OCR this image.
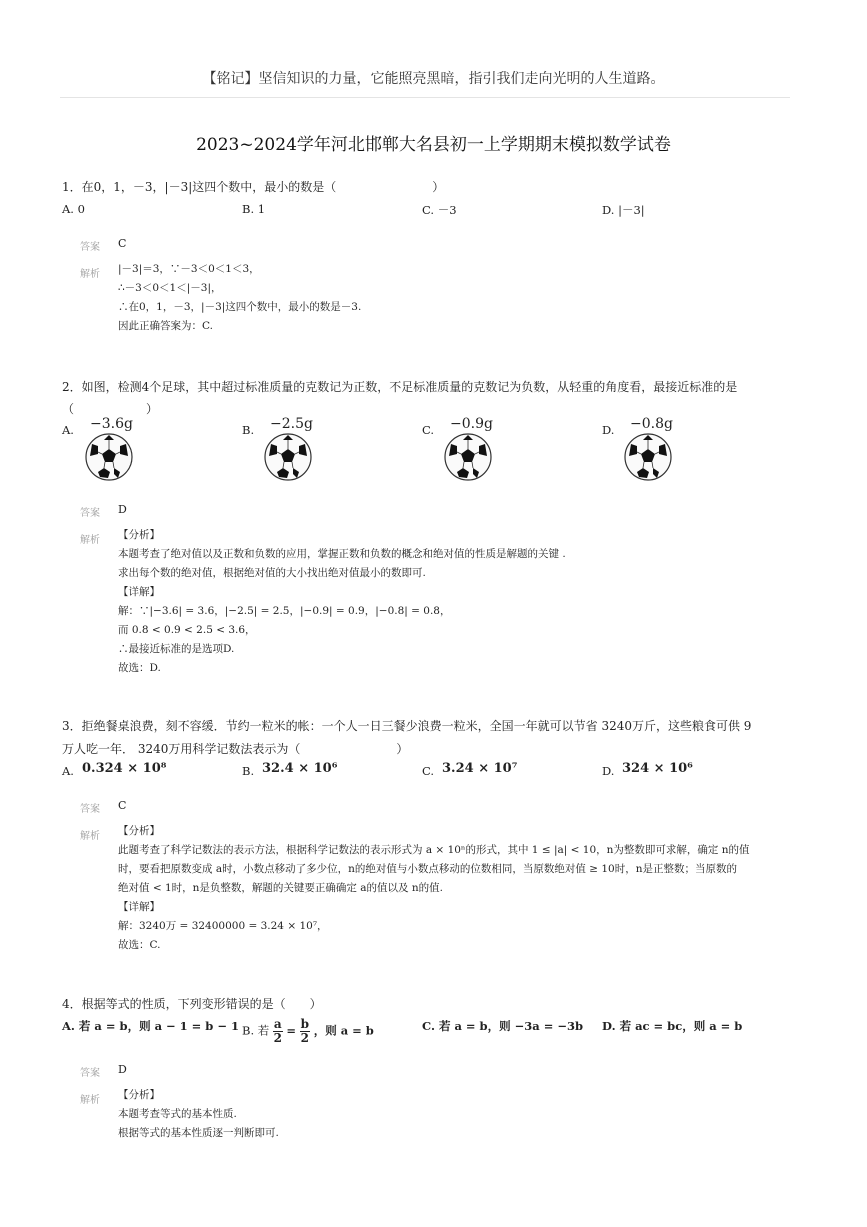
【铭记】坚信知识的力量，它能照亮黑暗，指引我们走向光明的人生道路。
2023~2024学年河北邯郸大名县初一上学期期末模拟数学试卷
1．在0，1，－3，|－3|这四个数中，最小的数是（　　　　　　　　）
A. 0	B. 1	C. －3	D. |－3|
答案 C
解析 |－3|＝3，∵－3＜0＜1＜3，
∴－3＜0＜1＜|－3|，
∴在0，1，－3，|－3|这四个数中，最小的数是－3.
因此正确答案为：C.
2．如图，检测4个足球，其中超过标准质量的克数记为正数，不足标准质量的克数记为负数，从轻重的角度看，最接近标准的是
（　　　　　　）
A. −3.6g	B. −2.5g	C. −0.9g	D. −0.8g
答案 D
解析 【分析】
本题考查了绝对值以及正数和负数的应用，掌握正数和负数的概念和绝对值的性质是解题的关键 .
求出每个数的绝对值，根据绝对值的大小找出绝对值最小的数即可.
【详解】
解：∵|−3.6| = 3.6，|−2.5| = 2.5，|−0.9| = 0.9，|−0.8| = 0.8，
而 0.8 < 0.9 < 2.5 < 3.6，
∴最接近标准的是选项D.
故选：D.
3．拒绝餐桌浪费，刻不容缓．节约一粒米的帐：一个人一日三餐少浪费一粒米，全国一年就可以节省 3240万斤，这些粮食可供 9
万人吃一年． 3240万用科学记数法表示为（　　　　　　　　）
A. 0.324 × 10⁸	B. 32.4 × 10⁶	C. 3.24 × 10⁷	D. 324 × 10⁶
答案 C
解析 【分析】
此题考查了科学记数法的表示方法，根据科学记数法的表示形式为 a × 10ⁿ的形式，其中 1 ≤ |a| < 10，n为整数即可求解，确定 n的值
时，要看把原数变成 a时，小数点移动了多少位，n的绝对值与小数点移动的位数相同，当原数绝对值 ≥ 10时，n是正整数；当原数的
绝对值 < 1时，n是负整数，解题的关键要正确确定 a的值以及 n的值.
【详解】
解：3240万 = 32400000 = 3.24 × 10⁷，
故选：C.
4．根据等式的性质，下列变形错误的是（　　）
A. 若 a = b，则 a − 1 = b − 1 B. 若 $\frac{a}{2} = \frac{b}{2}$ ，则 a = b	C. 若 a = b，则 −3a = −3b D. 若 ac = bc，则 a = b
答案 D
解析 【分析】
本题考查等式的基本性质.
根据等式的基本性质逐一判断即可.
